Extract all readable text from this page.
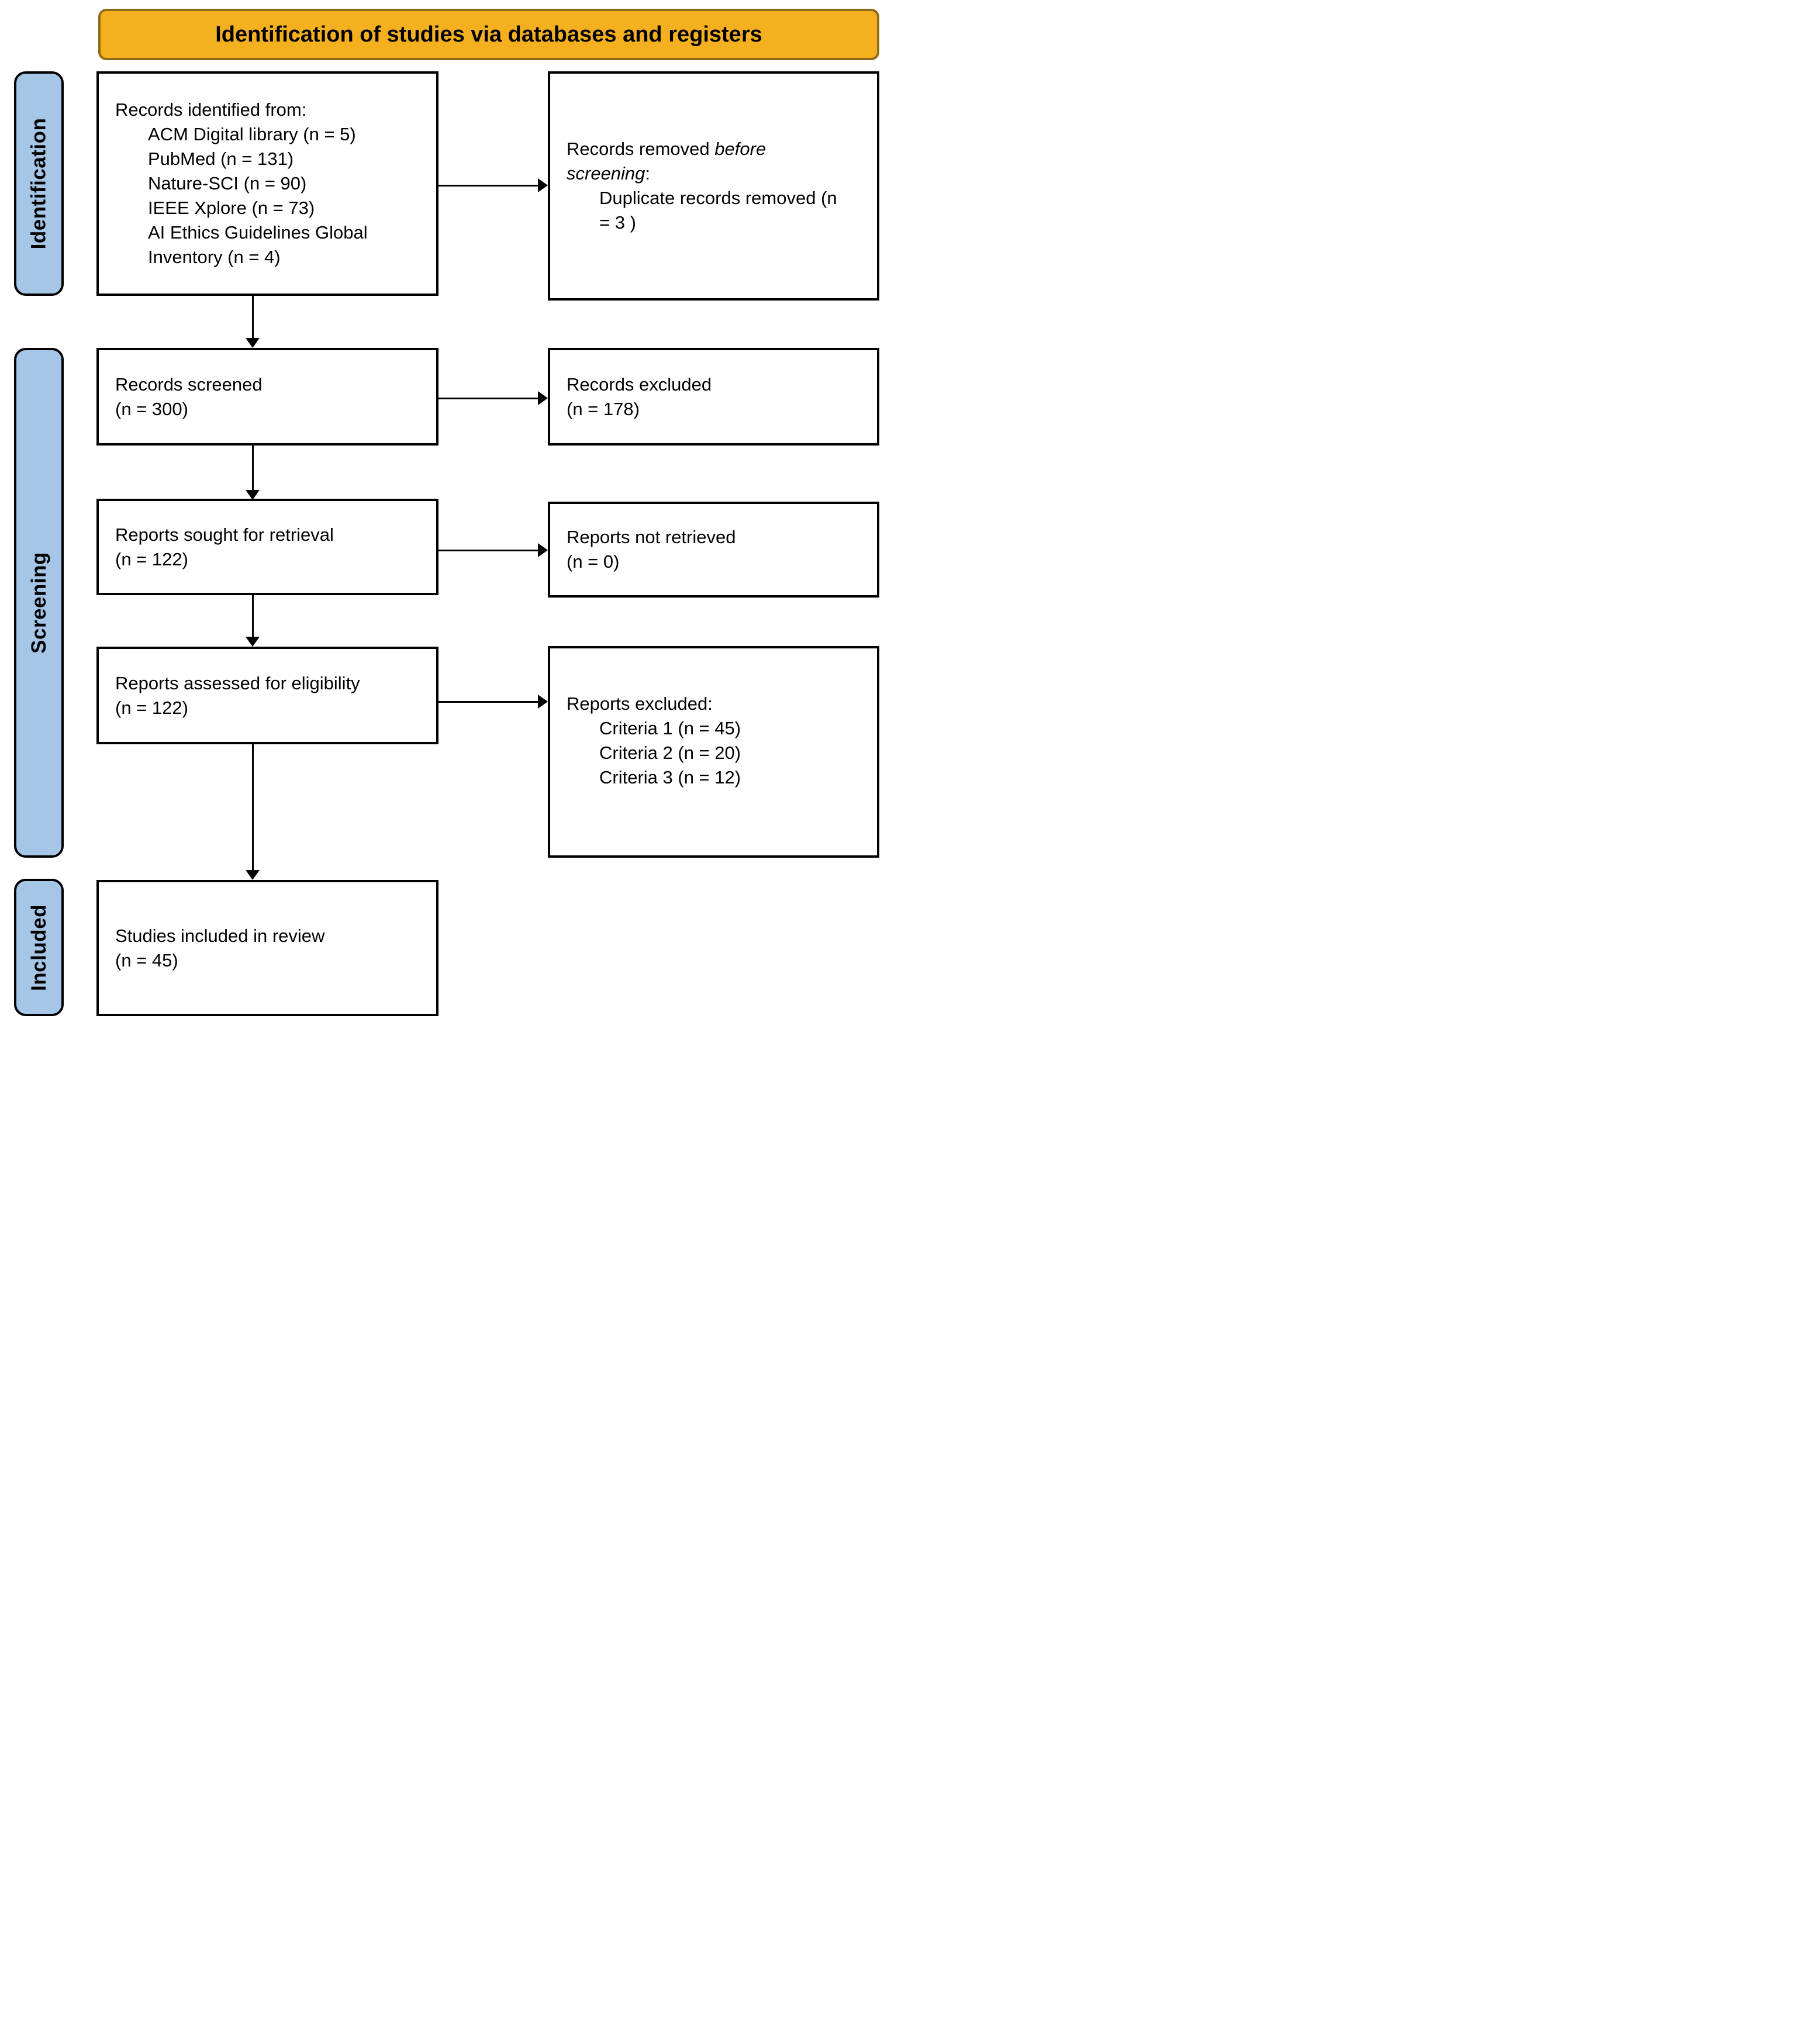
Identification of studies via databases and registers
Identification
Screening
Included
Records identified from:
ACM Digital library (n = 5)
PubMed (n = 131)
Nature-SCI (n = 90)
IEEE Xplore (n = 73)
AI Ethics Guidelines Global
Inventory (n = 4)
Records removed before
screening:
Duplicate records removed (n
= 3 )
Records screened
(n = 300)
Records excluded
(n = 178)
Reports sought for retrieval
(n = 122)
Reports not retrieved
(n = 0)
Reports assessed for eligibility
(n = 122)	Reports excluded:
Criteria 1 (n = 45)
Criteria 2 (n = 20)
Criteria 3 (n = 12)
Studies included in review
(n = 45)
